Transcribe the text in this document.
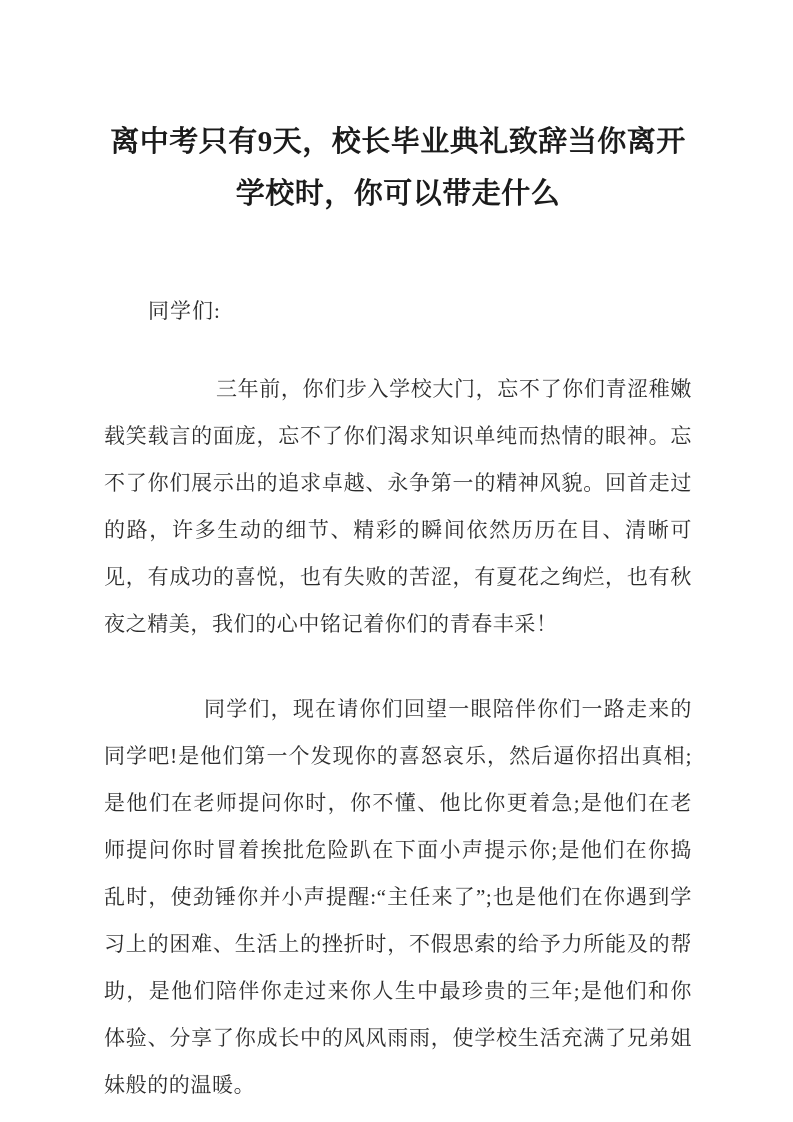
离中考只有9天，校长毕业典礼致辞当你离开学校时，你可以带走什么

同学们:

三年前，你们步入学校大门，忘不了你们青涩稚嫩载笑载言的面庞，忘不了你们渴求知识单纯而热情的眼神。忘不了你们展示出的追求卓越、永争第一的精神风貌。回首走过的路，许多生动的细节、精彩的瞬间依然历历在目、清晰可见，有成功的喜悦，也有失败的苦涩，有夏花之绚烂，也有秋夜之精美，我们的心中铭记着你们的青春丰采！

同学们，现在请你们回望一眼陪伴你们一路走来的同学吧!是他们第一个发现你的喜怒哀乐，然后逼你招出真相;是他们在老师提问你时，你不懂、他比你更着急;是他们在老师提问你时冒着挨批危险趴在下面小声提示你;是他们在你捣乱时，使劲锤你并小声提醒:“主任来了”;也是他们在你遇到学习上的困难、生活上的挫折时，不假思索的给予力所能及的帮助，是他们陪伴你走过来你人生中最珍贵的三年;是他们和你体验、分享了你成长中的风风雨雨，使学校生活充满了兄弟姐妹般的的温暖。
